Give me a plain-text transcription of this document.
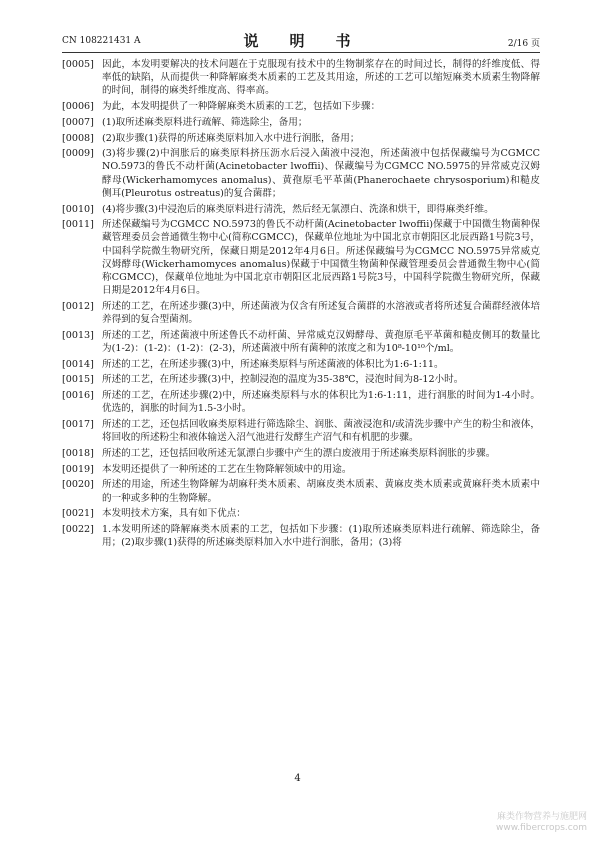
CN 108221431 A	说　明　书	2/16 页
[0005] 因此，本发明要解决的技术问题在于克服现有技术中的生物制浆存在的时间过长，制得的纤维度低、得率低的缺陷，从而提供一种降解麻类木质素的工艺及其用途，所述的工艺可以缩短麻类木质素生物降解的时间，制得的麻类纤维度高、得率高。
[0006] 为此，本发明提供了一种降解麻类木质素的工艺，包括如下步骤：
[0007] (1)取所述麻类原料进行疏解、筛选除尘，备用；
[0008] (2)取步骤(1)获得的所述麻类原料加入水中进行润胀，备用；
[0009] (3)将步骤(2)中润胀后的麻类原料挤压沥水后浸入菌液中浸泡，所述菌液中包括保藏编号为CGMCC NO.5973的鲁氏不动杆菌(Acinetobacter lwoffii)、保藏编号为CGMCC NO.5975的异常威克汉姆酵母(Wickerhamomyces anomalus)、黄孢原毛平革菌(Phanerochaete chrysosporium)和糙皮侧耳(Pleurotus ostreatus)的复合菌群；
[0010] (4)将步骤(3)中浸泡后的麻类原料进行清洗，然后经无氯漂白、洗涤和烘干，即得麻类纤维。
[0011] 所述保藏编号为CGMCC NO.5973的鲁氏不动杆菌(Acinetobacter lwoffii)保藏于中国微生物菌种保藏管理委员会普通微生物中心(简称CGMCC)，保藏单位地址为中国北京市朝阳区北辰西路1号院3号，中国科学院微生物研究所，保藏日期是2012年4月6日。所述保藏编号为CGMCC NO.5975异常威克汉姆酵母(Wickerhamomyces anomalus)保藏于中国微生物菌种保藏管理委员会普通微生物中心(简称CGMCC)，保藏单位地址为中国北京市朝阳区北辰西路1号院3号，中国科学院微生物研究所，保藏日期是2012年4月6日。
[0012] 所述的工艺，在所述步骤(3)中，所述菌液为仅含有所述复合菌群的水溶液或者将所述复合菌群经液体培养得到的复合型菌剂。
[0013] 所述的工艺，所述菌液中所述鲁氏不动杆菌、异常威克汉姆酵母、黄孢原毛平革菌和糙皮侧耳的数量比为(1-2)：(1-2)：(1-2)：(2-3)，所述菌液中所有菌种的浓度之和为10⁸-10¹⁰个/ml。
[0014] 所述的工艺，在所述步骤(3)中，所述麻类原料与所述菌液的体积比为1:6-1:11。
[0015] 所述的工艺，在所述步骤(3)中，控制浸泡的温度为35-38℃，浸泡时间为8-12小时。
[0016] 所述的工艺，在所述步骤(2)中，所述麻类原料与水的体积比为1:6-1:11，进行润胀的时间为1-4小时。优选的，润胀的时间为1.5-3小时。
[0017] 所述的工艺，还包括回收麻类原料进行筛选除尘、润胀、菌液浸泡和/或清洗步骤中产生的粉尘和液体，将回收的所述粉尘和液体输送入沼气池进行发酵生产沼气和有机肥的步骤。
[0018] 所述的工艺，还包括回收所述无氯漂白步骤中产生的漂白废液用于所述麻类原料润胀的步骤。
[0019] 本发明还提供了一种所述的工艺在生物降解领域中的用途。
[0020] 所述的用途，所述生物降解为胡麻秆类木质素、胡麻皮类木质素、黄麻皮类木质素或黄麻秆类木质素中的一种或多种的生物降解。
[0021] 本发明技术方案，具有如下优点：
[0022] 1.本发明所述的降解麻类木质素的工艺，包括如下步骤：(1)取所述麻类原料进行疏解、筛选除尘，备用；(2)取步骤(1)获得的所述麻类原料加入水中进行润胀，备用；(3)将
4
麻类作物营养与施肥网
www.fibercrops.com
